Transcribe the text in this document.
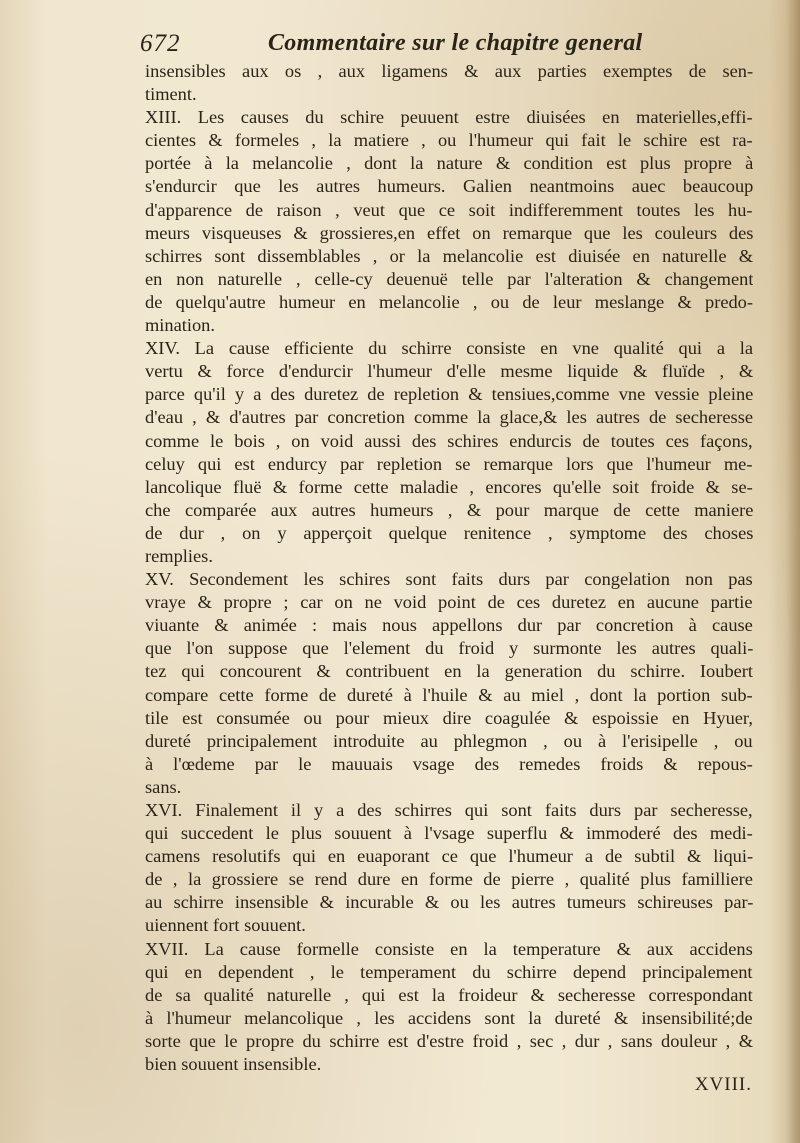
672	Commentaire sur le chapitre general

insensibles aux os , aux ligamens & aux parties exemptes de sen-
timent.

XIII. Les causes du schire peuuent estre diuisées en materielles,effi-
cientes & formeles , la matiere , ou l'humeur qui fait le schire est ra-
portée à la melancolie , dont la nature & condition est plus propre à
s'endurcir que les autres humeurs. Galien neantmoins auec beaucoup
d'apparence de raison , veut que ce soit indifferemment toutes les hu-
meurs visqueuses & grossieres,en effet on remarque que les couleurs des
schirres sont dissemblables , or la melancolie est diuisée en naturelle &
en non naturelle , celle-cy deuenuë telle par l'alteration & changement
de quelqu'autre humeur en melancolie , ou de leur meslange & predo-
mination.

XIV. La cause efficiente du schirre consiste en vne qualité qui a la
vertu & force d'endurcir l'humeur d'elle mesme liquide & fluïde , &
parce qu'il y a des duretez de repletion & tensiues,comme vne vessie pleine
d'eau , & d'autres par concretion comme la glace,& les autres de secheresse
comme le bois , on void aussi des schires endurcis de toutes ces façons,
celuy qui est endurcy par repletion se remarque lors que l'humeur me-
lancolique fluë & forme cette maladie , encores qu'elle soit froide & se-
che comparée aux autres humeurs , & pour marque de cette maniere
de dur , on y apperçoit quelque renitence , symptome des choses
remplies.

XV. Secondement les schires sont faits durs par congelation non pas
vraye & propre ; car on ne void point de ces duretez en aucune partie
viuante & animée : mais nous appellons dur par concretion à cause
que l'on suppose que l'element du froid y surmonte les autres quali-
tez qui concourent & contribuent en la generation du schirre. Ioubert
compare cette forme de dureté à l'huile & au miel , dont la portion sub-
tile est consumée ou pour mieux dire coagulée & espoissie en Hyuer,
dureté principalement introduite au phlegmon , ou à l'erisipelle , ou
à l'œdeme par le mauuais vsage des remedes froids & repous-
sans.

XVI. Finalement il y a des schirres qui sont faits durs par secheresse,
qui succedent le plus souuent à l'vsage superflu & immoderé des medi-
camens resolutifs qui en euaporant ce que l'humeur a de subtil & liqui-
de , la grossiere se rend dure en forme de pierre , qualité plus familliere
au schirre insensible & incurable & ou les autres tumeurs schireuses par-
uiennent fort souuent.

XVII. La cause formelle consiste en la temperature & aux accidens
qui en dependent , le temperament du schirre depend principalement
de sa qualité naturelle , qui est la froideur & secheresse correspondant
à l'humeur melancolique , les accidens sont la dureté & insensibilité;de
sorte que le propre du schirre est d'estre froid , sec , dur , sans douleur , &
bien souuent insensible.

XVIII.
